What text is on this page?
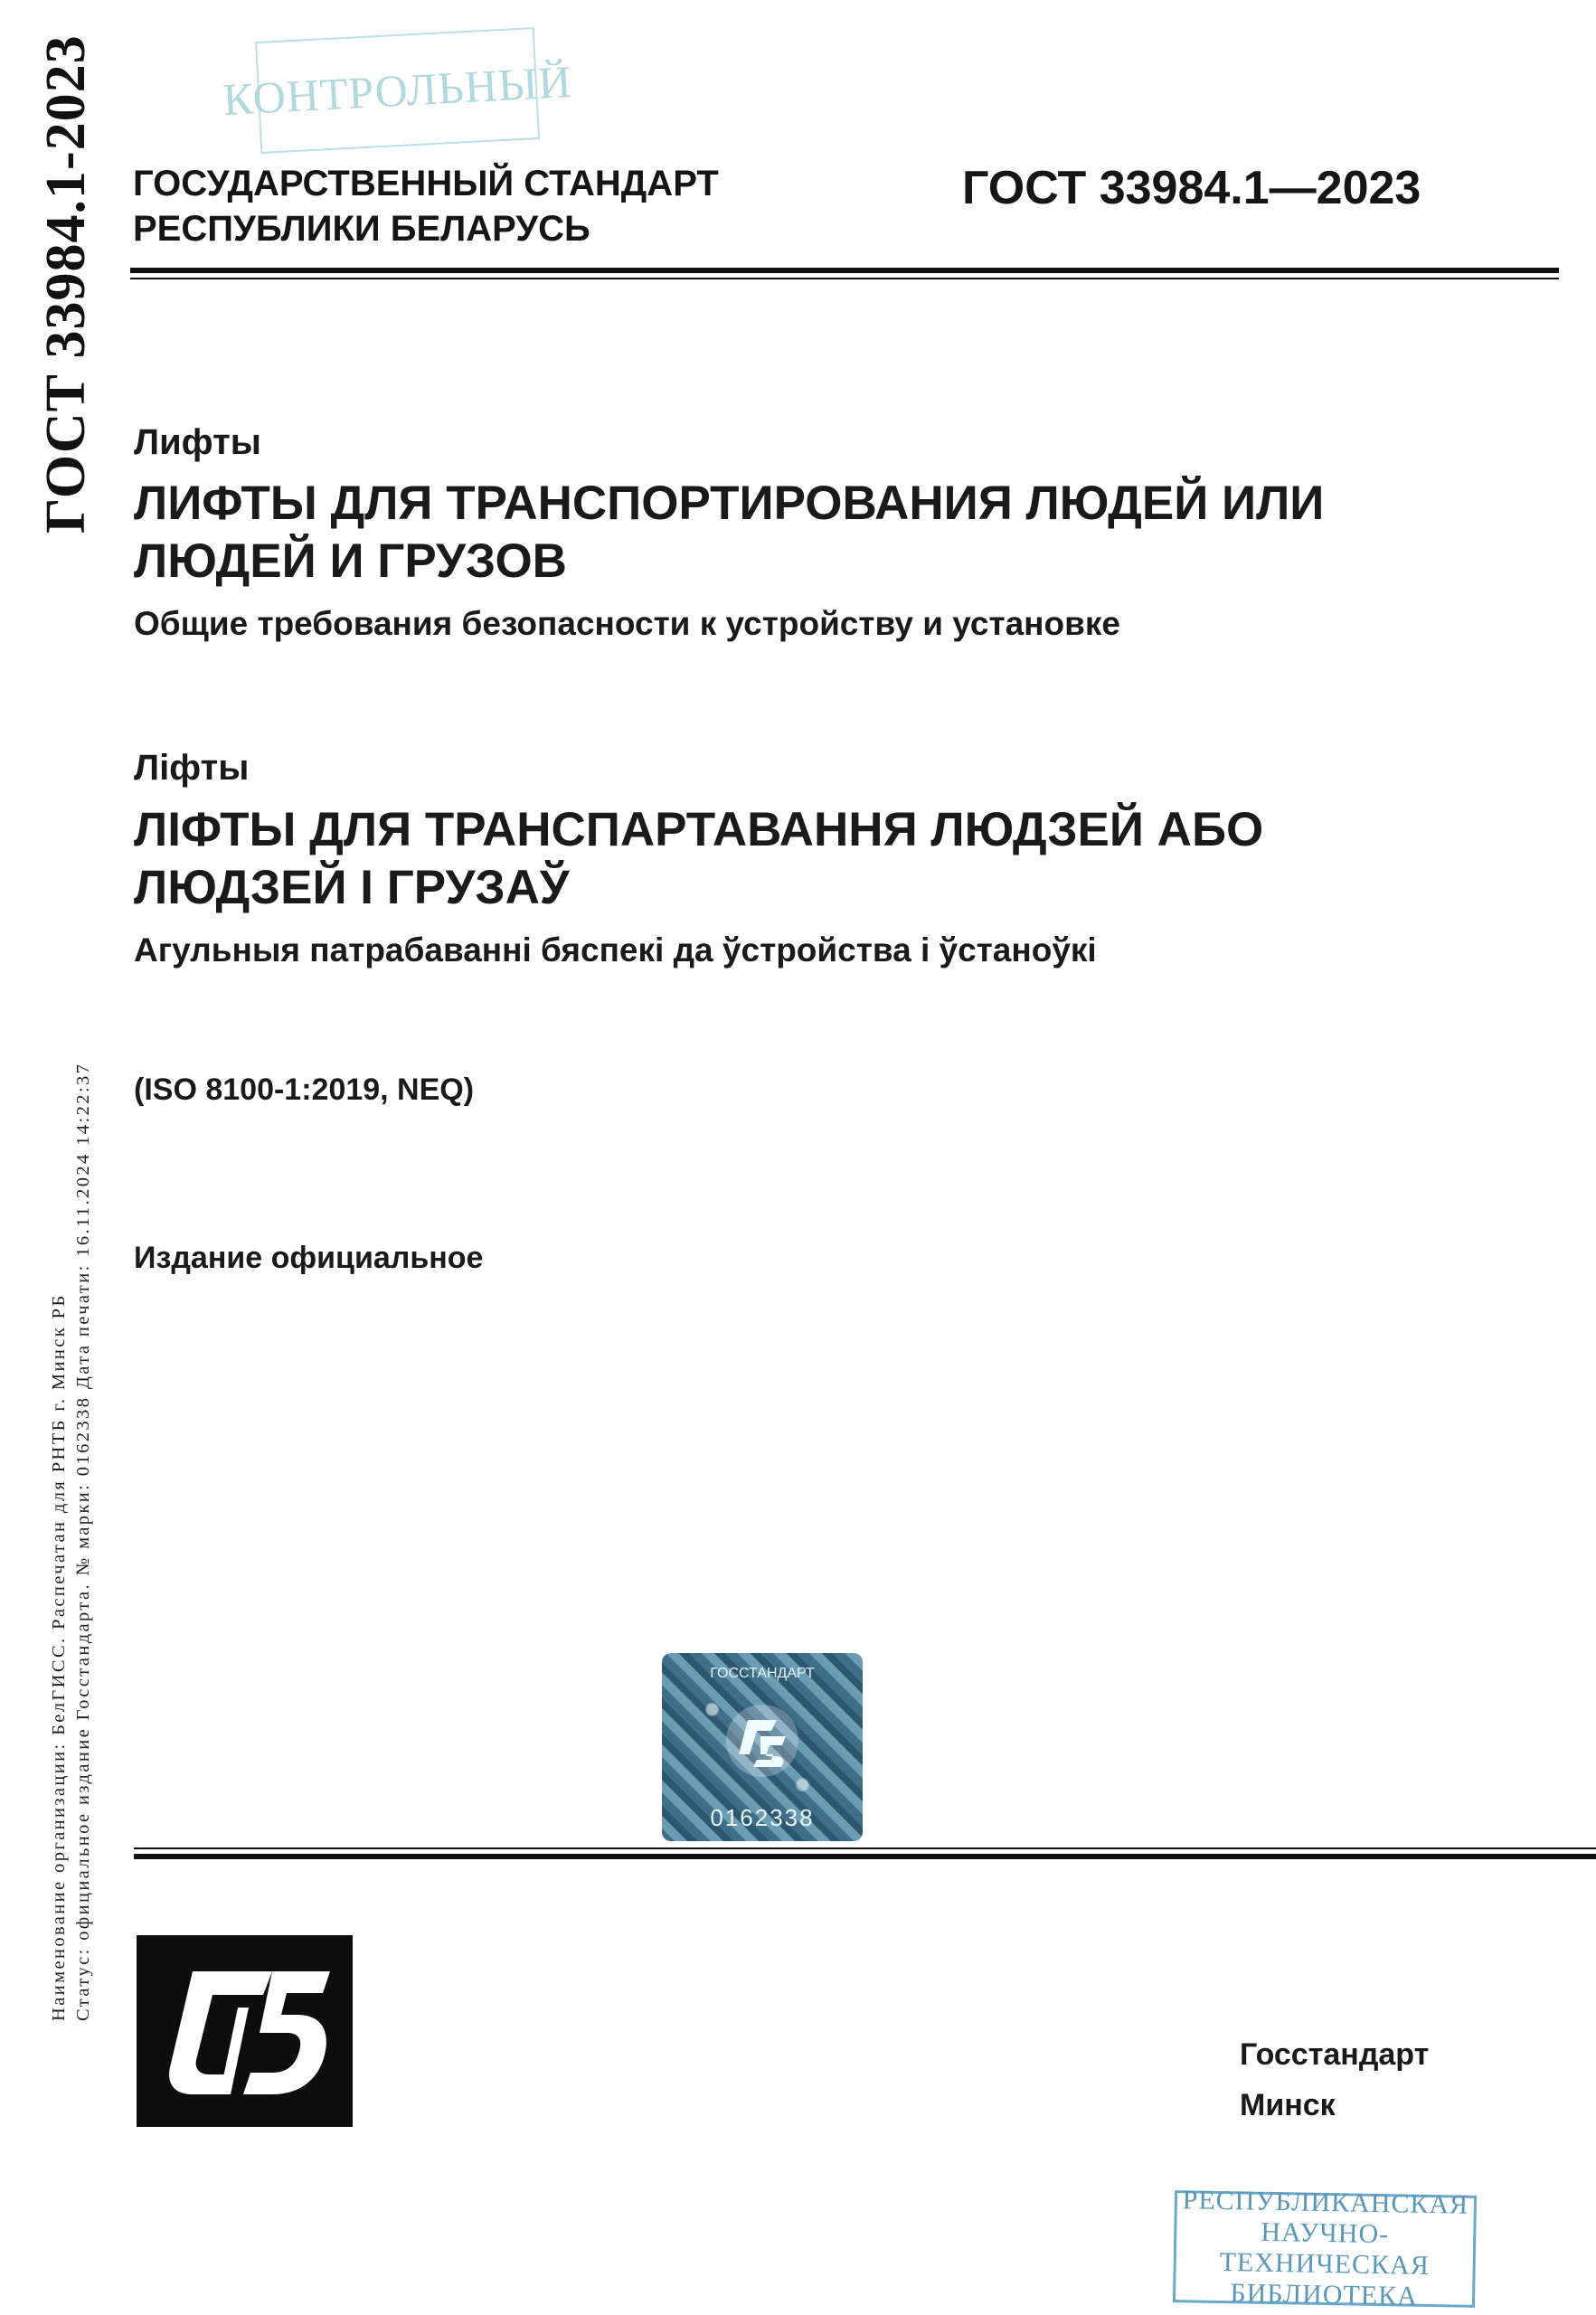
ГОСТ 33984.1-2023
Наименование организации: БелГИСС. Распечатан для РНТБ г. Минск РБ Статус: официальное издание Госстандарта. № марки: 0162338 Дата печати: 16.11.2024 14:22:37
КОНТРОЛЬНЫЙ
ГОСУДАРСТВЕННЫЙ СТАНДАРТ
РЕСПУБЛИКИ БЕЛАРУСЬ
ГОСТ 33984.1—2023
Лифты
ЛИФТЫ ДЛЯ ТРАНСПОРТИРОВАНИЯ ЛЮДЕЙ ИЛИ
ЛЮДЕЙ И ГРУЗОВ
Общие требования безопасности к устройству и установке
Ліфты
ЛІФТЫ ДЛЯ ТРАНСПАРТАВАННЯ ЛЮДЗЕЙ АБО
ЛЮДЗЕЙ І ГРУЗАЎ
Агульныя патрабаванні бяспекі да ўстройства і ўстаноўкі
(ISO 8100-1:2019, NEQ)
Издание официальное
ГОССТАНДАРТ
0162338
Госстандарт
Минск
РЕСПУБЛИКАНСКАЯ
НАУЧНО-ТЕХНИЧЕСКАЯ
БИБЛИОТЕКА
